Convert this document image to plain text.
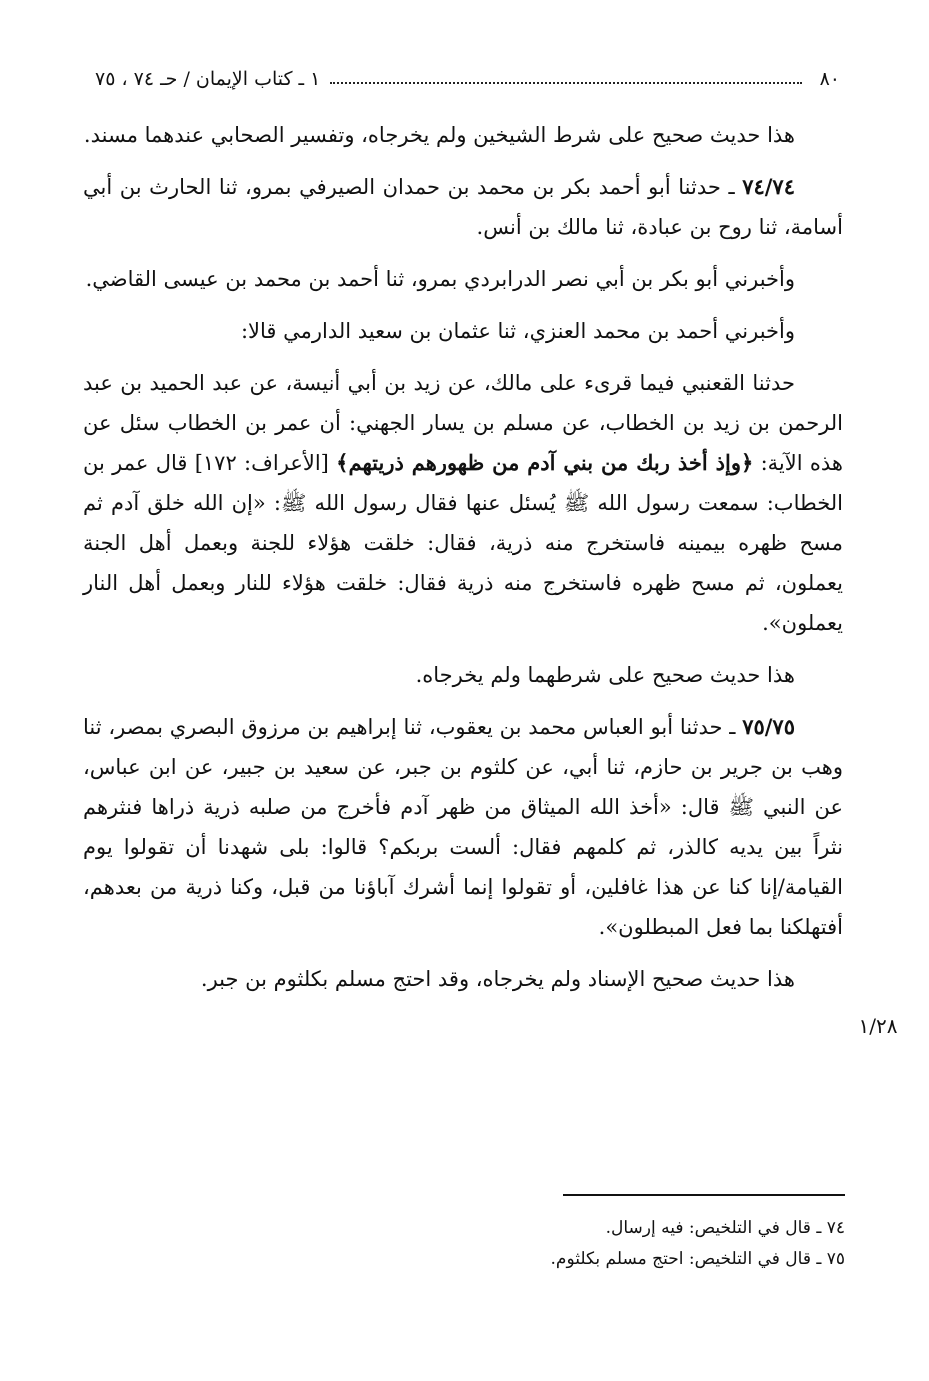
٨٠
١ ـ كتاب الإيمان / حـ ٧٤ ، ٧٥

هذا حديث صحيح على شرط الشيخين ولم يخرجاه، وتفسير الصحابي عندهما مسند.

٧٤/٧٤ ـ حدثنا أبو أحمد بكر بن محمد بن حمدان الصيرفي بمرو، ثنا الحارث بن أبي أسامة، ثنا روح بن عبادة، ثنا مالك بن أنس.

وأخبرني أبو بكر بن أبي نصر الدرابردي بمرو، ثنا أحمد بن محمد بن عيسى القاضي.

وأخبرني أحمد بن محمد العنزي، ثنا عثمان بن سعيد الدارمي قالا:

حدثنا القعنبي فيما قرىء على مالك، عن زيد بن أبي أنيسة، عن عبد الحميد بن عبد الرحمن بن زيد بن الخطاب، عن مسلم بن يسار الجهني: أن عمر بن الخطاب سئل عن هذه الآية: ﴿وإذ أخذ ربك من بني آدم من ظهورهم ذريتهم﴾ [الأعراف: ١٧٢] قال عمر بن الخطاب: سمعت رسول الله ﷺ يُسئل عنها فقال رسول الله ﷺ: «إن الله خلق آدم ثم مسح ظهره بيمينه فاستخرج منه ذرية، فقال: خلقت هؤلاء للجنة وبعمل أهل الجنة يعملون، ثم مسح ظهره فاستخرج منه ذرية فقال: خلقت هؤلاء للنار وبعمل أهل النار يعملون».

هذا حديث صحيح على شرطهما ولم يخرجاه.

٧٥/٧٥ ـ حدثنا أبو العباس محمد بن يعقوب، ثنا إبراهيم بن مرزوق البصري بمصر، ثنا وهب بن جرير بن حازم، ثنا أبي، عن كلثوم بن جبر، عن سعيد بن جبير، عن ابن عباس، عن النبي ﷺ قال: «أخذ الله الميثاق من ظهر آدم فأخرج من صلبه ذرية ذراها فنثرهم نثراً بين يديه كالذر، ثم كلمهم فقال: ألست بربكم؟ قالوا: بلى شهدنا أن تقولوا يوم القيامة/إنا كنا عن هذا غافلين، أو تقولوا إنما أشرك آباؤنا من قبل، وكنا ذرية من بعدهم، أفتهلكنا بما فعل المبطلون».

هذا حديث صحيح الإسناد ولم يخرجاه، وقد احتج مسلم بكلثوم بن جبر.

١/٢٨
٧٤ ـ قال في التلخيص: فيه إرسال.
٧٥ ـ قال في التلخيص: احتج مسلم بكلثوم.
